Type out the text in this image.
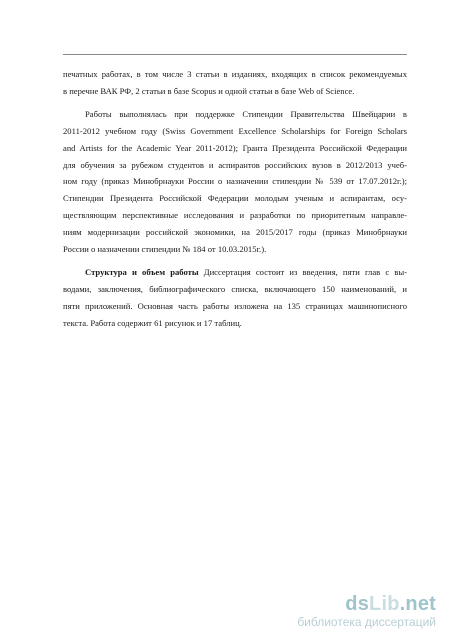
печатных работах, в том числе 3 статьи в изданиях, входящих в список рекомендуемых
в перечне ВАК РФ, 2 статьи в базе Scopus и одной статьи в базе Web of Science.
Работы выполнялась при поддержке Стипендии Правительства Швейцарии в
2011-2012 учебном году (Swiss Government Excellence Scholarships for Foreign Scholars
and Artists for the Academic Year 2011-2012); Гранта Президента Российской Федерации
для обучения за рубежом студентов и аспирантов российских вузов в 2012/2013 учеб-
ном году (приказ Минобрнауки России о назначении стипендии № 539 от 17.07.2012г.);
Стипендии Президента Российской Федерации молодым ученым и аспирантам, осу-
ществляющим перспективные исследования и разработки по приоритетным направле-
ниям модернизации российской экономики, на 2015/2017 годы (приказ Минобрнауки
России о назначении стипендии № 184 от 10.03.2015г.).
Структура и объем работы Диссертация состоит из введения, пяти глав с вы-
водами, заключения, библиографического списка, включающего 150 наименований, и
пяти приложений. Основная часть работы изложена на 135 страницах машинописного
текста. Работа содержит 61 рисунок и 17 таблиц.
dsLib.net
библиотека диссертаций
